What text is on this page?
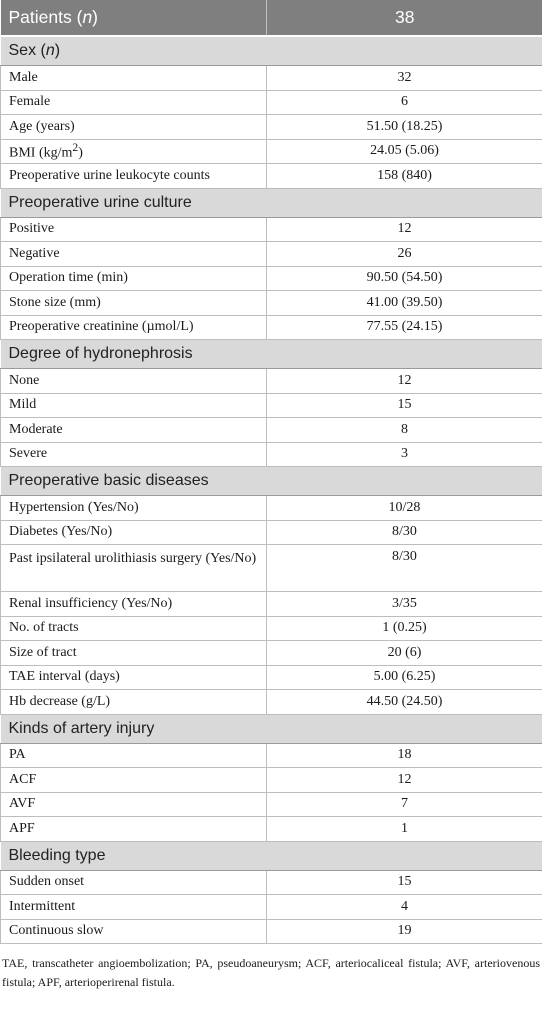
Patients (n)	38
Sex (n)	
Male	32
Female	6
Age (years)	51.50 (18.25)
BMI $(kg/m^2)$	24.05 (5.06)
Preoperative urine leukocyte counts	158 (840)
Preoperative urine culture	
Positive	12
Negative	26
Operation time (min)	90.50 (54.50)
Stone size (mm)	41.00 (39.50)
Preoperative creatinine (µmol/L)	77.55 (24.15)
Degree of hydronephrosis	
None	12
Mild	15
Moderate	8
Severe	3
Preoperative basic diseases	
Hypertension (Yes/No)	10/28
Diabetes (Yes/No)	8/30
Past ipsilateral urolithiasis surgery (Yes/No)	8/30
Renal insufficiency (Yes/No)	3/35
No. of tracts	1 (0.25)
Size of tract	20 (6)
TAE interval (days)	5.00 (6.25)
Hb decrease (g/L)	44.50 (24.50)
Kinds of artery injury	
PA	18
ACF	12
AVF	7
APF	1
Bleeding type	
Sudden onset	15
Intermittent	4
Continuous slow	19
TAE, transcatheter angioembolization; PA, pseudoaneurysm; ACF, arteriocaliceal fistula; AVF, arteriovenous fistula; APF, arterioperirenal fistula.
